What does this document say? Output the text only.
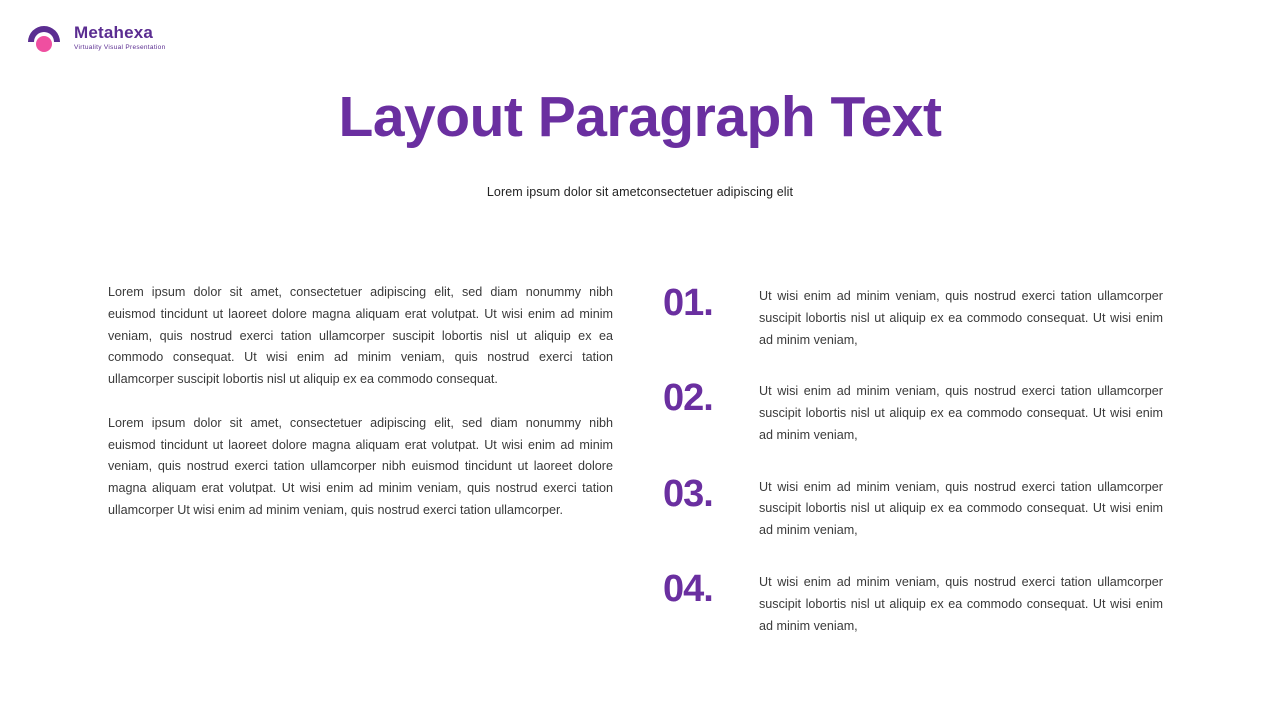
Metahexa
Virtuality Visual Presentation
Layout Paragraph Text
Lorem ipsum dolor sit ametconsectetuer adipiscing elit

Lorem ipsum dolor sit amet, consectetuer adipiscing elit, sed diam nonummy nibh euismod tincidunt ut laoreet dolore magna aliquam erat volutpat. Ut wisi enim ad minim veniam, quis nostrud exerci tation ullamcorper suscipit lobortis nisl ut aliquip ex ea commodo consequat. Ut wisi enim ad minim veniam, quis nostrud exerci tation ullamcorper suscipit lobortis nisl ut aliquip ex ea commodo consequat.

Lorem ipsum dolor sit amet, consectetuer adipiscing elit, sed diam nonummy nibh euismod tincidunt ut laoreet dolore magna aliquam erat volutpat. Ut wisi enim ad minim veniam, quis nostrud exerci tation ullamcorper nibh euismod tincidunt ut laoreet dolore magna aliquam erat volutpat. Ut wisi enim ad minim veniam, quis nostrud exerci tation ullamcorper Ut wisi enim ad minim veniam, quis nostrud exerci tation ullamcorper.

01.	Ut wisi enim ad minim veniam, quis nostrud exerci tation ullamcorper suscipit lobortis nisl ut aliquip ex ea commodo consequat. Ut wisi enim ad minim veniam,
02.	Ut wisi enim ad minim veniam, quis nostrud exerci tation ullamcorper suscipit lobortis nisl ut aliquip ex ea commodo consequat. Ut wisi enim ad minim veniam,
03.	Ut wisi enim ad minim veniam, quis nostrud exerci tation ullamcorper suscipit lobortis nisl ut aliquip ex ea commodo consequat. Ut wisi enim ad minim veniam,
04.	Ut wisi enim ad minim veniam, quis nostrud exerci tation ullamcorper suscipit lobortis nisl ut aliquip ex ea commodo consequat. Ut wisi enim ad minim veniam,
